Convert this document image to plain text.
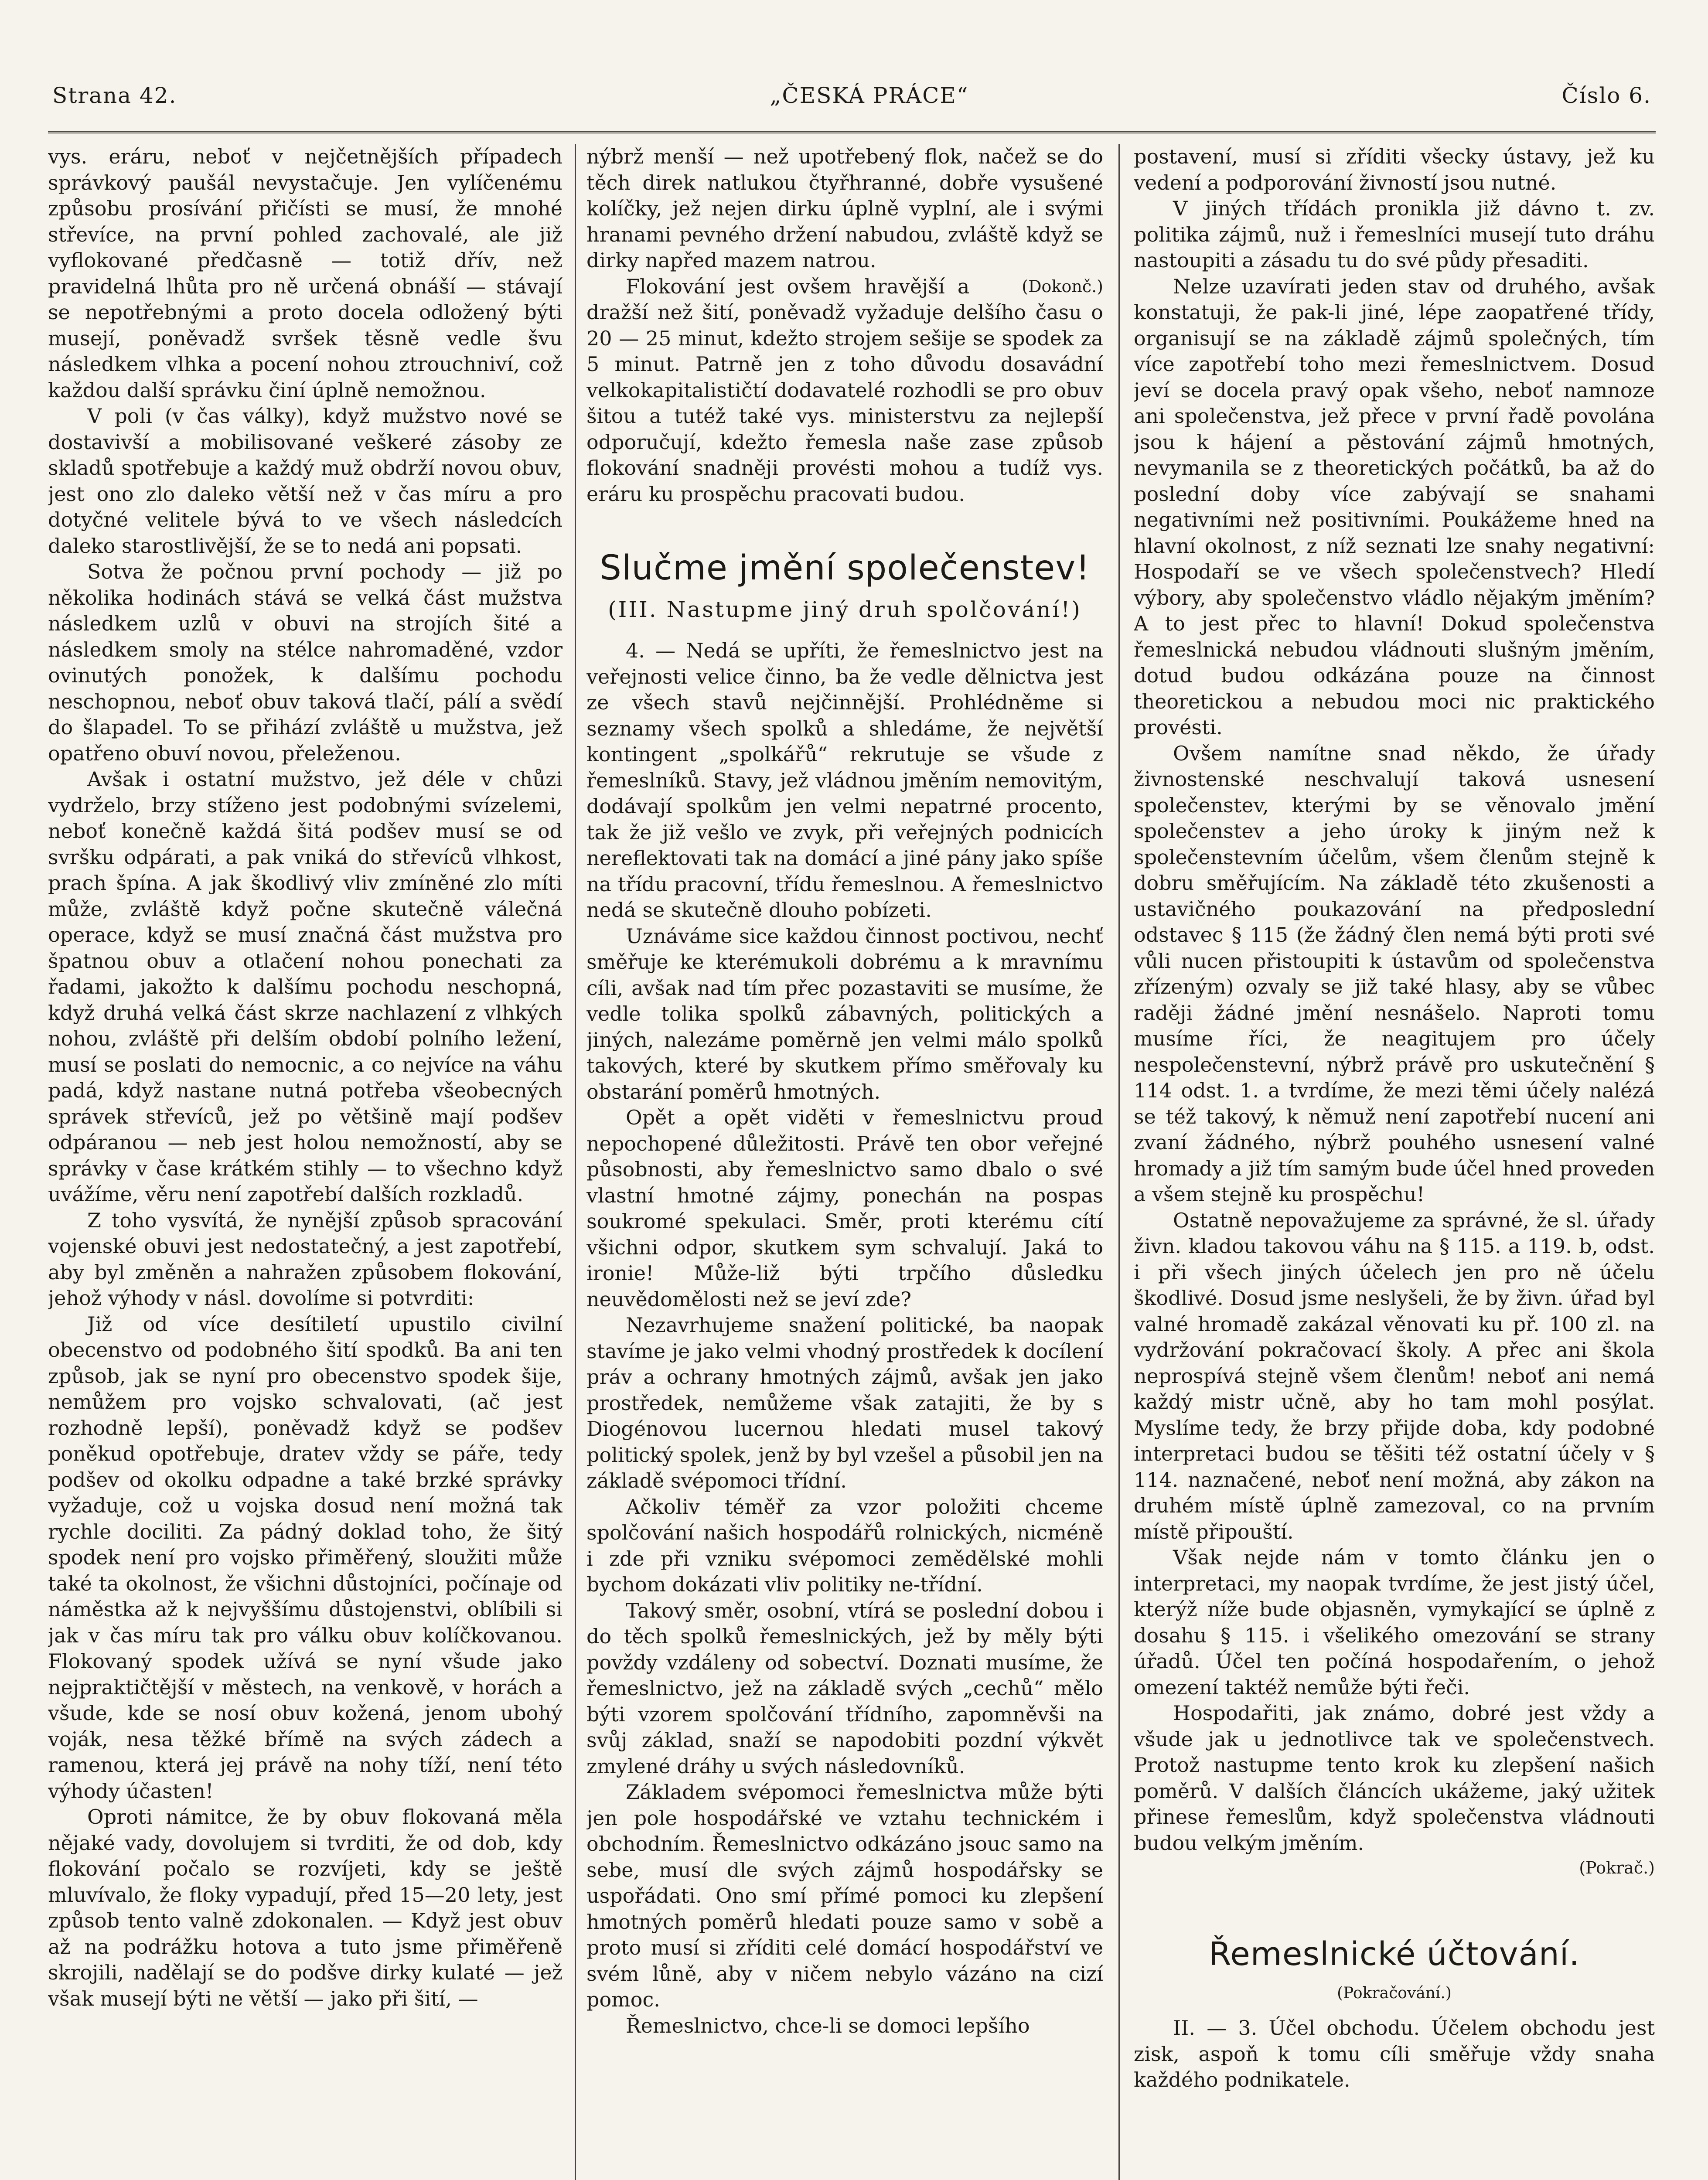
Strana 42.	„ČESKÁ PRÁCE“	Číslo 6.

vys. eráru, neboť v nejčetnějších případech správkový paušál nevystačuje. Jen vylíčenému způsobu prosívání přičísti se musí, že mnohé střevíce, na první pohled zachovalé, ale již vyflokované předčasně — totiž dřív, než pravidelná lhůta pro ně určená obnáší — stávají se nepotřebnými a proto docela odložený býti musejí, poněvadž svršek těsně vedle švu následkem vlhka a pocení nohou ztrouchniví, což každou další správku činí úplně nemožnou.

V poli (v čas války), když mužstvo nové se dostavivší a mobilisované veškeré zásoby ze skladů spotřebuje a každý muž obdrží novou obuv, jest ono zlo daleko větší než v čas míru a pro dotyčné velitele bývá to ve všech následcích daleko starostlivější, že se to nedá ani popsati.

Sotva že počnou první pochody — již po několika hodinách stává se velká část mužstva následkem uzlů v obuvi na strojích šité a následkem smoly na stélce nahromaděné, vzdor ovinutých ponožek, k dalšímu pochodu neschopnou, neboť obuv taková tlačí, pálí a svědí do šlapadel. To se přihází zvláště u mužstva, jež opatřeno obuví novou, přeleženou.

Avšak i ostatní mužstvo, jež déle v chůzi vydrželo, brzy stíženo jest podobnými svízelemi, neboť konečně každá šitá podšev musí se od svršku odpárati, a pak vniká do střevíců vlhkost, prach špína. A jak škodlivý vliv zmíněné zlo míti může, zvláště když počne skutečně válečná operace, když se musí značná část mužstva pro špatnou obuv a otlačení nohou ponechati za řadami, jakožto k dalšímu pochodu neschopná, když druhá velká část skrze nachlazení z vlhkých nohou, zvláště při delším období polního ležení, musí se poslati do nemocnic, a co nejvíce na váhu padá, když nastane nutná potřeba všeobecných správek střevíců, jež po většině mají podšev odpáranou — neb jest holou nemožností, aby se správky v čase krátkém stihly — to všechno když uvážíme, věru není zapotřebí dalších rozkladů.

Z toho vysvítá, že nynější způsob spracování vojenské obuvi jest nedostatečný, a jest zapotřebí, aby byl změněn a nahražen způsobem flokování, jehož výhody v násl. dovolíme si potvrditi:

Již od více desítiletí upustilo civilní obecenstvo od podobného šití spodků. Ba ani ten způsob, jak se nyní pro obecenstvo spodek šije, nemůžem pro vojsko schvalovati, (ač jest rozhodně lepší), poněvadž když se podšev poněkud opotřebuje, dratev vždy se páře, tedy podšev od okolku odpadne a také brzké správky vyžaduje, což u vojska dosud není možná tak rychle dociliti. Za pádný doklad toho, že šitý spodek není pro vojsko přiměřený, sloužiti může také ta okolnost, že všichni důstojníci, počínaje od náměstka až k nejvyššímu důstojenstvi, oblíbili si jak v čas míru tak pro válku obuv kolíčkovanou. Flokovaný spodek užívá se nyní všude jako nejpraktičtější v městech, na venkově, v horách a všude, kde se nosí obuv kožená, jenom ubohý voják, nesa těžké břímě na svých zádech a ramenou, která jej právě na nohy tíží, není této výhody účasten!

Oproti námitce, že by obuv flokovaná měla nějaké vady, dovolujem si tvrditi, že od dob, kdy flokování počalo se rozvíjeti, kdy se ještě mluvívalo, že floky vypadují, před 15—20 lety, jest způsob tento valně zdokonalen. — Když jest obuv až na podrážku hotova a tuto jsme přiměřeně skrojili, nadělají se do podšve dirky kulaté — jež však musejí býti ne větší — jako při šití, —

nýbrž menší — než upotřebený flok, načež se do těch direk natlukou čtyřhranné, dobře vysušené kolíčky, jež nejen dirku úplně vyplní, ale i svými hranami pevného držení nabudou, zvláště když se dirky napřed mazem natrou.

(Dokonč.)
Flokování jest ovšem hravější a dražší než šití, poněvadž vyžaduje delšího času o 20 — 25 minut, kdežto strojem sešije se spodek za 5 minut. Patrně jen z toho důvodu dosavádní velkokapitalističtí dodavatelé rozhodli se pro obuv šitou a tutéž také vys. ministerstvu za nejlepší odporučují, kdežto řemesla naše zase způsob flokování snadněji provésti mohou a tudíž vys. eráru ku prospěchu pracovati budou.

Slučme jmění společenstev!
(III. Nastupme jiný druh spolčování!)

4. — Nedá se upříti, že řemeslnictvo jest na veřejnosti velice činno, ba že vedle dělnictva jest ze všech stavů nejčinnější. Prohlédněme si seznamy všech spolků a shledáme, že největší kontingent „spolkářů“ rekrutuje se všude z řemeslníků. Stavy, jež vládnou jměním nemovitým, dodávají spolkům jen velmi nepatrné procento, tak že již vešlo ve zvyk, při veřejných podnicích nereflektovati tak na domácí a jiné pány jako spíše na třídu pracovní, třídu řemeslnou. A řemeslnictvo nedá se skutečně dlouho pobízeti.

Uznáváme sice každou činnost poctivou, nechť směřuje ke kterémukoli dobrému a k mravnímu cíli, avšak nad tím přec pozastaviti se musíme, že vedle tolika spolků zábavných, politických a jiných, nalezáme poměrně jen velmi málo spolků takových, které by skutkem přímo směřovaly ku obstarání poměrů hmotných.

Opět a opět viděti v řemeslnictvu proud nepochopené důležitosti. Právě ten obor veřejné působnosti, aby řemeslnictvo samo dbalo o své vlastní hmotné zájmy, ponechán na pospas soukromé spekulaci. Směr, proti kterému cítí všichni odpor, skutkem sym schvalují. Jaká to ironie! Může-liž býti trpčího důsledku neuvědomělosti než se jeví zde?

Nezavrhujeme snažení politické, ba naopak stavíme je jako velmi vhodný prostředek k docílení práv a ochrany hmotných zájmů, avšak jen jako prostředek, nemůžeme však zatajiti, že by s Diogénovou lucernou hledati musel takový politický spolek, jenž by byl vzešel a působil jen na základě svépomoci třídní.

Ačkoliv téměř za vzor položiti chceme spolčování našich hospodářů rolnických, nicméně i zde při vzniku svépomoci zemědělské mohli bychom dokázati vliv politiky ne-třídní.

Takový směr, osobní, vtírá se poslední dobou i do těch spolků řemeslnických, jež by měly býti povždy vzdáleny od sobectví. Doznati musíme, že řemeslnictvo, jež na základě svých „cechů“ mělo býti vzorem spolčování třídního, zapomněvši na svůj základ, snaží se napodobiti pozdní výkvět zmylené dráhy u svých následovníků.

Základem svépomoci řemeslnictva může býti jen pole hospodářské ve vztahu technickém i obchodním. Řemeslnictvo odkázáno jsouc samo na sebe, musí dle svých zájmů hospodářsky se uspořádati. Ono smí přímé pomoci ku zlepšení hmotných poměrů hledati pouze samo v sobě a proto musí si zříditi celé domácí hospodářství ve svém lůně, aby v ničem nebylo vázáno na cizí pomoc.

Řemeslnictvo, chce-li se domoci lepšího

postavení, musí si zříditi všecky ústavy, jež ku vedení a podporování živností jsou nutné.

V jiných třídách pronikla již dávno t. zv. politika zájmů, nuž i řemeslníci musejí tuto dráhu nastoupiti a zásadu tu do své půdy přesaditi.

Nelze uzavírati jeden stav od druhého, avšak konstatuji, že pak-li jiné, lépe zaopatřené třídy, organisují se na základě zájmů společných, tím více zapotřebí toho mezi řemeslnictvem. Dosud jeví se docela pravý opak všeho, neboť namnoze ani společenstva, jež přece v první řadě povolána jsou k hájení a pěstování zájmů hmotných, nevymanila se z theoretických počátků, ba až do poslední doby více zabývají se snahami negativními než positivními. Poukážeme hned na hlavní okolnost, z níž seznati lze snahy negativní: Hospodaří se ve všech společenstvech? Hledí výbory, aby společenstvo vládlo nějakým jměním? A to jest přec to hlavní! Dokud společenstva řemeslnická nebudou vládnouti slušným jměním, dotud budou odkázána pouze na činnost theoretickou a nebudou moci nic praktického provésti.

Ovšem namítne snad někdo, že úřady živnostenské neschvalují taková usnesení společenstev, kterými by se věnovalo jmění společenstev a jeho úroky k jiným než k společenstevním účelům, všem členům stejně k dobru směřujícím. Na základě této zkušenosti a ustavičného poukazování na předposlední odstavec § 115 (že žádný člen nemá býti proti své vůli nucen přistoupiti k ústavům od společenstva zřízeným) ozvaly se již také hlasy, aby se vůbec raději žádné jmění nesnášelo. Naproti tomu musíme říci, že neagitujem pro účely nespolečenstevní, nýbrž právě pro uskutečnění § 114 odst. 1. a tvrdíme, že mezi těmi účely nalézá se též takový, k němuž není zapotřebí nucení ani zvaní žádného, nýbrž pouhého usnesení valné hromady a již tím samým bude účel hned proveden a všem stejně ku prospěchu!

Ostatně nepovažujeme za správné, že sl. úřady živn. kladou takovou váhu na § 115. a 119. b, odst. i při všech jiných účelech jen pro ně účelu škodlivé. Dosud jsme neslyšeli, že by živn. úřad byl valné hromadě zakázal věnovati ku př. 100 zl. na vydržování pokračovací školy. A přec ani škola neprospívá stejně všem členům! neboť ani nemá každý mistr učně, aby ho tam mohl posýlat. Myslíme tedy, že brzy přijde doba, kdy podobné interpretaci budou se těšiti též ostatní účely v § 114. naznačené, neboť není možná, aby zákon na druhém místě úplně zamezoval, co na prvním místě připouští.

Však nejde nám v tomto článku jen o interpretaci, my naopak tvrdíme, že jest jistý účel, kterýž níže bude objasněn, vymykající se úplně z dosahu § 115. i všelikého omezování se strany úřadů. Účel ten počíná hospodařením, o jehož omezení taktéž nemůže býti řeči.

Hospodařiti, jak známo, dobré jest vždy a všude jak u jednotlivce tak ve společenstvech. Protož nastupme tento krok ku zlepšení našich poměrů. V dalších článcích ukážeme, jaký užitek přinese řemeslům, když společenstva vládnouti budou velkým jměním.

(Pokrač.)
Řemeslnické účtování.
(Pokračování.)

II. — 3. Účel obchodu. Účelem obchodu jest zisk, aspoň k tomu cíli směřuje vždy snaha každého podnikatele.
